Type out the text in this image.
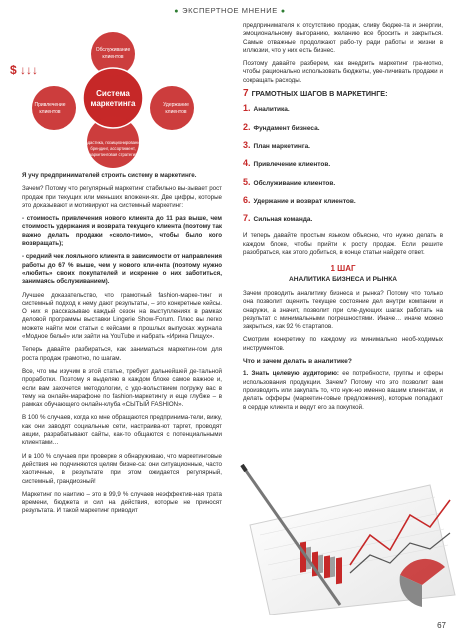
● ЭКСПЕРТНОЕ МНЕНИЕ ●
Система
маркетинга
Обслуживание
клиентов
Привлечение
клиентов
Удержание
клиентов
Кадастика, позиционирование,
брендинг, ассортимент,
маркетинговая стратегия
$ ↓↓↓

Я учу предпринимателей строить систему в маркетинге.

Зачем? Потому что регулярный маркетинг стабильно вы-зывает рост продаж при текущих или меньших вложени-ях. Две цифры, которые это доказывают и мотивируют на системный маркетинг:

- стоимость привлечения нового клиента до 11 раз выше, чем стоимость удержания и возврата текущего клиента (поэтому так важно делать продажи «сколо-тимо», чтобы было кого возвращать);

- средний чек лояльного клиента в зависимости от направления работы до 67 % выше, чем у нового кли-ента (поэтому нужно «любить» своих покупателей и искренне о них заботиться, занимаясь обслуживанием).

Лучшее доказательство, что грамотный fashion-марке-тинг и системный подход к нему дают результаты, – это конкретные кейсы. О них я рассказываю каждый сезон на выступлениях в рамках деловой программы выставки Lingerie Show-Forum. Плюс вы легко можете найти мои статьи с кейсами в прошлых выпусках журнала «Модное бельё» или зайти на YouTube и набрать «Ирина Пищух».

Теперь давайте разбираться, как заниматься маркетин-гом для роста продаж грамотно, по шагам.

Все, что мы изучим в этой статье, требует дальнейшей де-тальной проработки. Поэтому я выделяю в каждом блоке самое важное и, если вам захочется методологии, с удо-вольствием погружу вас в тему на онлайн-марафоне по fashion-маркетингу и еще глубже – в рамках обучающего онлайн-клуба «СЫТЫЙ FASHION».

В 100 % случаев, когда ко мне обращаются предпринима-тели, вижу, как они заводят социальные сети, настраива-ют таргет, проводят акции, разрабатывают сайты, как-то общаются с потенциальными клиентами…

И в 100 % случаев при проверке я обнаруживаю, что маркетинговые действия не подчиняются целям бизне-са: они ситуационные, часто хаотичные, в результате при этом ожидается регулярный, системный, грандиозный!

Маркетинг по наитию – это в 99,9 % случаев неэффектив-ная трата времени, бюджета и сил на действия, которые не приносят результата. И такой маркетинг приводит

предпринимателя к отсутствию продаж, сливу бюдже-та и энергии, эмоциональному выгоранию, желанию все бросить и закрыться. Самые отважные продолжают рабо-ту ради работы и жизни в иллюзии, что у них есть бизнес.

Поэтому давайте разберем, как внедрить маркетинг гра-мотно, чтобы рационально использовать бюджеты, уве-личивать продажи и сокращать расходы.

7 ГРАМОТНЫХ ШАГОВ В МАРКЕТИНГЕ:
1. Аналитика.
2. Фундамент бизнеса.
3. План маркетинга.
4. Привлечение клиентов.
5. Обслуживание клиентов.
6. Удержание и возврат клиентов.
7. Сильная команда.

И теперь давайте простым языком объясню, что нужно делать в каждом блоке, чтобы прийти к росту продаж. Если решите разобраться, как этого добиться, в конце статьи найдете ответ.

1 ШАГ
АНАЛИТИКА БИЗНЕСА И РЫНКА

Зачем проводить аналитику бизнеса и рынка? Потому что только она позволит оценить текущее состояние дел внутри компании и снаружи, а значит, позволит при сле-дующих шагах работать на результат с минимальными погрешностями. Иначе… иначе можно закрыться, как 92 % стартапов.

Смотрим конкретику по каждому из минимально необ-ходимых инструментов.

Что и зачем делать в аналитике?

1. Знать целевую аудиторию: ее потребности, группы и сферы использования продукции. Зачем? Потому что это позволит вам производить или закупать то, что нуж-но именно вашим клиентам, и делать офферы (маркетин-говые предложения), которые попадают в сердце клиента и ведут его за покупкой.

67
